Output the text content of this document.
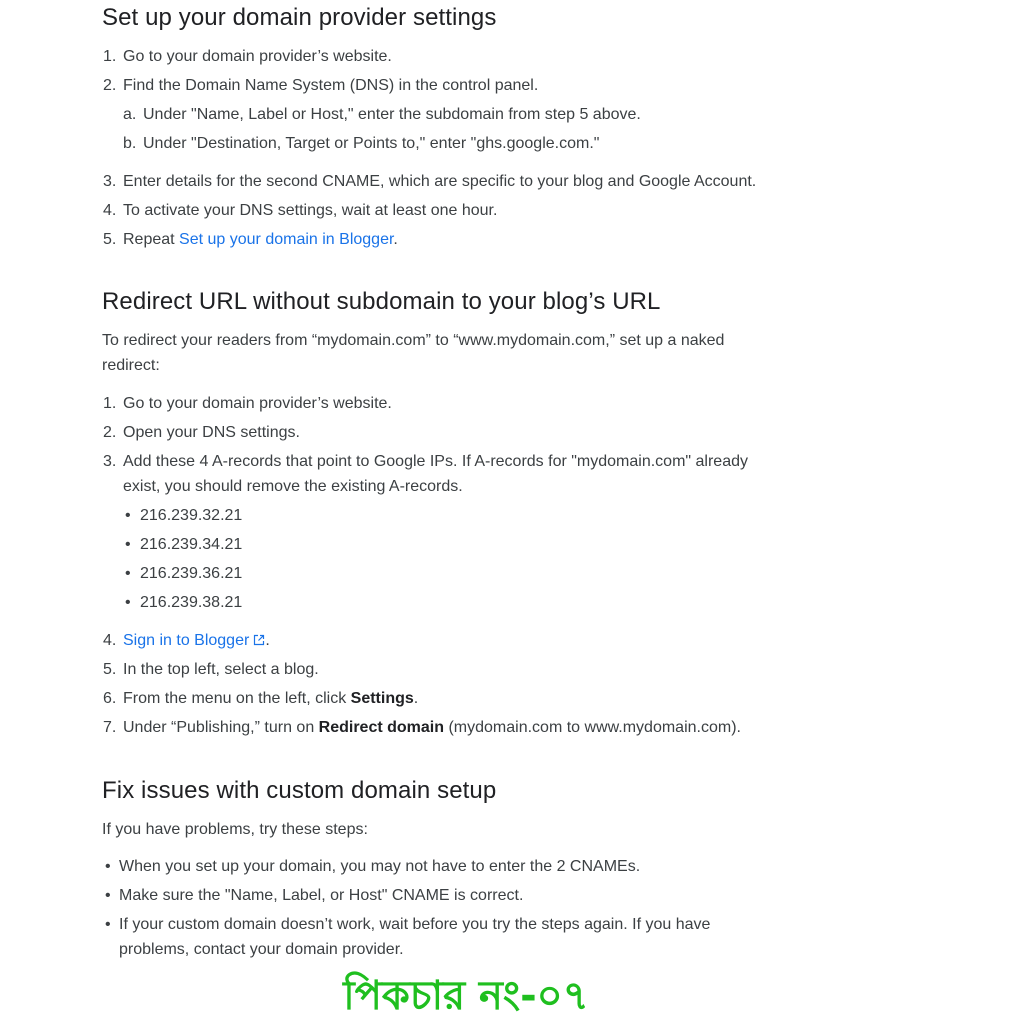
Set up your domain provider settings
1. Go to your domain provider’s website.
2. Find the Domain Name System (DNS) in the control panel.
a. Under "Name, Label or Host," enter the subdomain from step 5 above.
b. Under "Destination, Target or Points to," enter "ghs.google.com."
3. Enter details for the second CNAME, which are specific to your blog and Google Account.
4. To activate your DNS settings, wait at least one hour.
5. Repeat Set up your domain in Blogger.
Redirect URL without subdomain to your blog’s URL
To redirect your readers from “mydomain.com” to “www.mydomain.com,” set up a naked
redirect:
1. Go to your domain provider’s website.
2. Open your DNS settings.
3. Add these 4 A-records that point to Google IPs. If A-records for "mydomain.com" already
exist, you should remove the existing A-records.
• 216.239.32.21
• 216.239.34.21
• 216.239.36.21
• 216.239.38.21
4. Sign in to Blogger .
5. In the top left, select a blog.
6. From the menu on the left, click Settings.
7. Under “Publishing,” turn on Redirect domain (mydomain.com to www.mydomain.com).
Fix issues with custom domain setup
If you have problems, try these steps:
• When you set up your domain, you may not have to enter the 2 CNAMEs.
• Make sure the "Name, Label, or Host" CNAME is correct.
• If your custom domain doesn’t work, wait before you try the steps again. If you have
problems, contact your domain provider.
পিকচার নং-০৭
